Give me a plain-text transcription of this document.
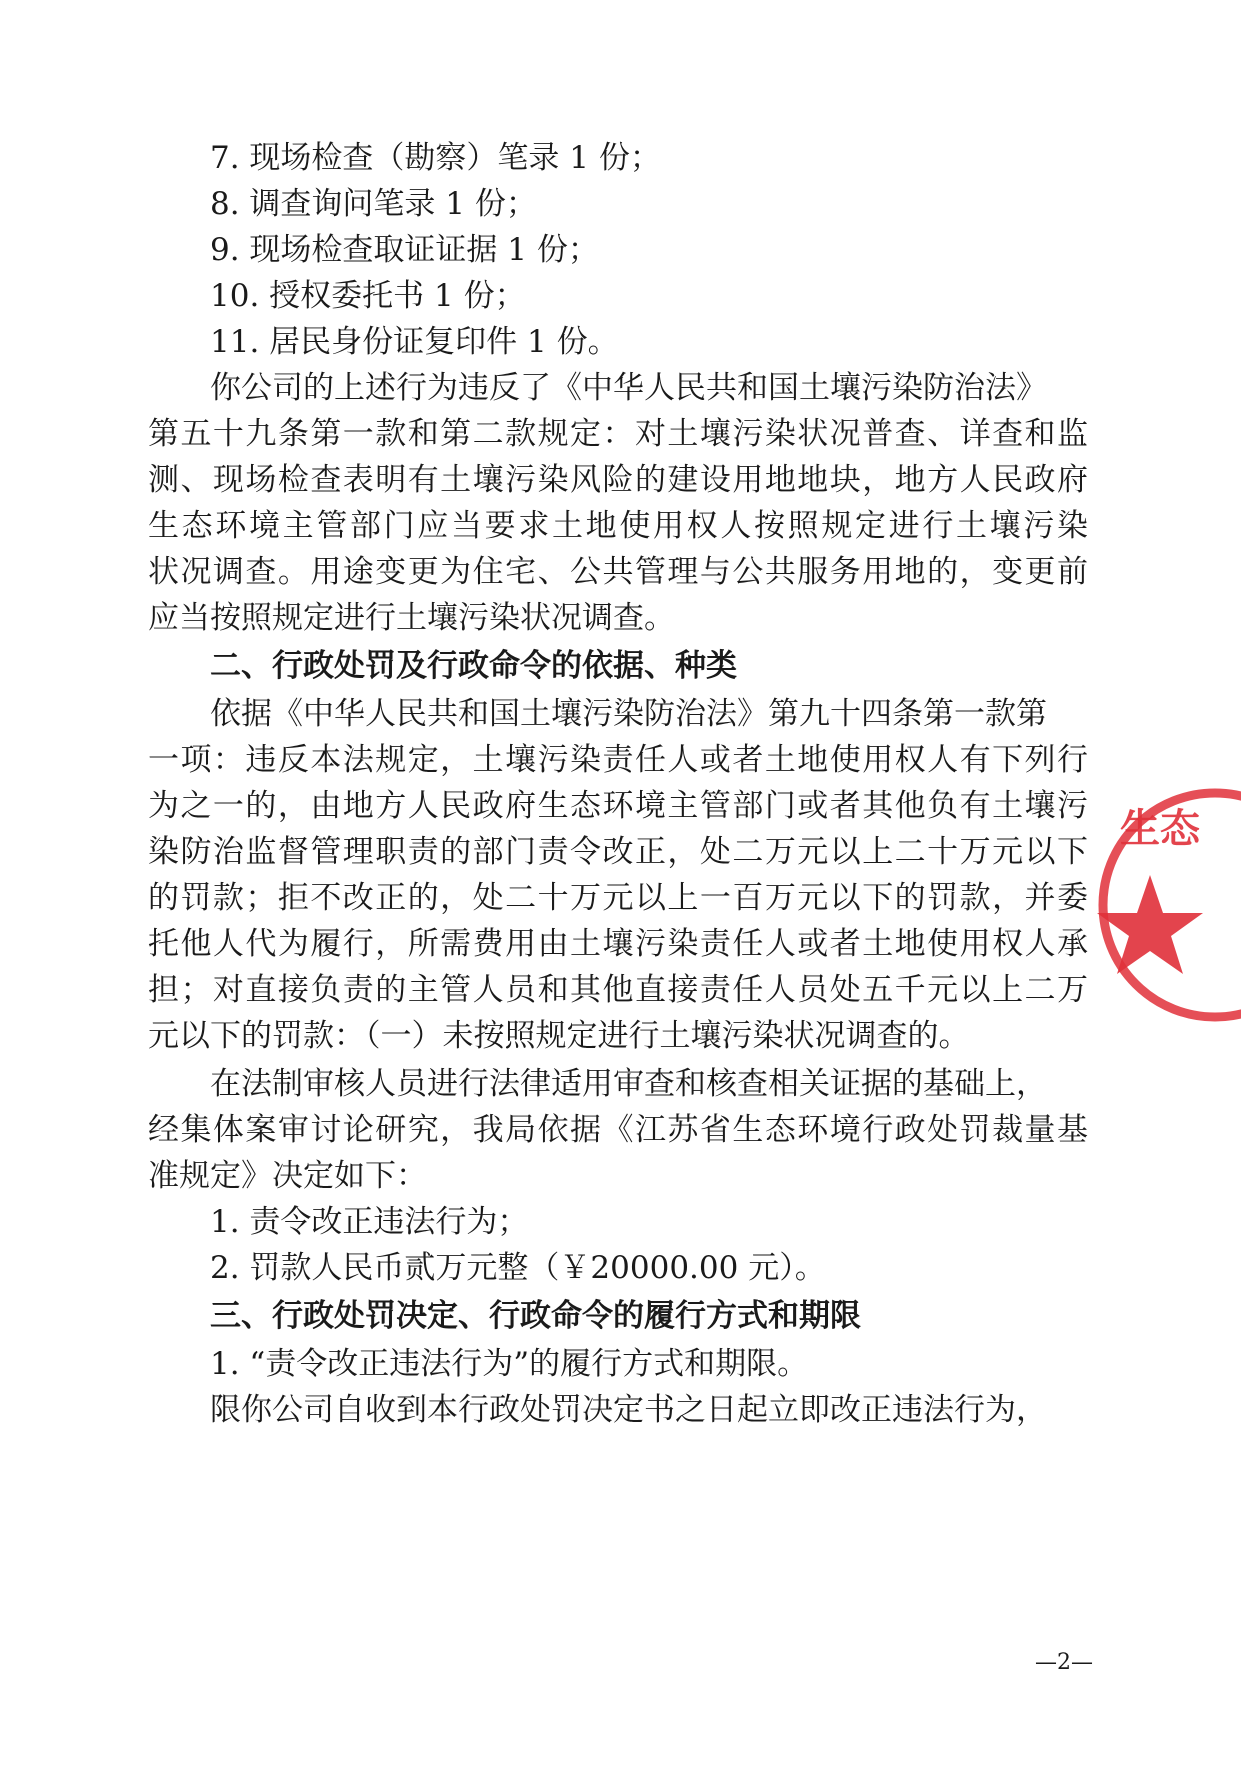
7. 现场检查（勘察）笔录 1 份；
8. 调查询问笔录 1 份；
9. 现场检查取证证据 1 份；
10. 授权委托书 1 份；
11. 居民身份证复印件 1 份。
你公司的上述行为违反了《中华人民共和国土壤污染防治法》
第五十九条第一款和第二款规定：对土壤污染状况普查、详查和监
测、现场检查表明有土壤污染风险的建设用地地块，地方人民政府
生态环境主管部门应当要求土地使用权人按照规定进行土壤污染
状况调查。用途变更为住宅、公共管理与公共服务用地的，变更前
应当按照规定进行土壤污染状况调查。
二、行政处罚及行政命令的依据、种类
依据《中华人民共和国土壤污染防治法》第九十四条第一款第
一项：违反本法规定，土壤污染责任人或者土地使用权人有下列行
为之一的，由地方人民政府生态环境主管部门或者其他负有土壤污
染防治监督管理职责的部门责令改正，处二万元以上二十万元以下
的罚款；拒不改正的，处二十万元以上一百万元以下的罚款，并委
托他人代为履行，所需费用由土壤污染责任人或者土地使用权人承
担；对直接负责的主管人员和其他直接责任人员处五千元以上二万
元以下的罚款：（一）未按照规定进行土壤污染状况调查的。
在法制审核人员进行法律适用审查和核查相关证据的基础上，
经集体案审讨论研究，我局依据《江苏省生态环境行政处罚裁量基
准规定》决定如下：
1. 责令改正违法行为；
2. 罚款人民币贰万元整（￥20000.00 元）。
三、行政处罚决定、行政命令的履行方式和期限
1. “责令改正违法行为”的履行方式和期限。
限你公司自收到本行政处罚决定书之日起立即改正违法行为，
—2—
生态
